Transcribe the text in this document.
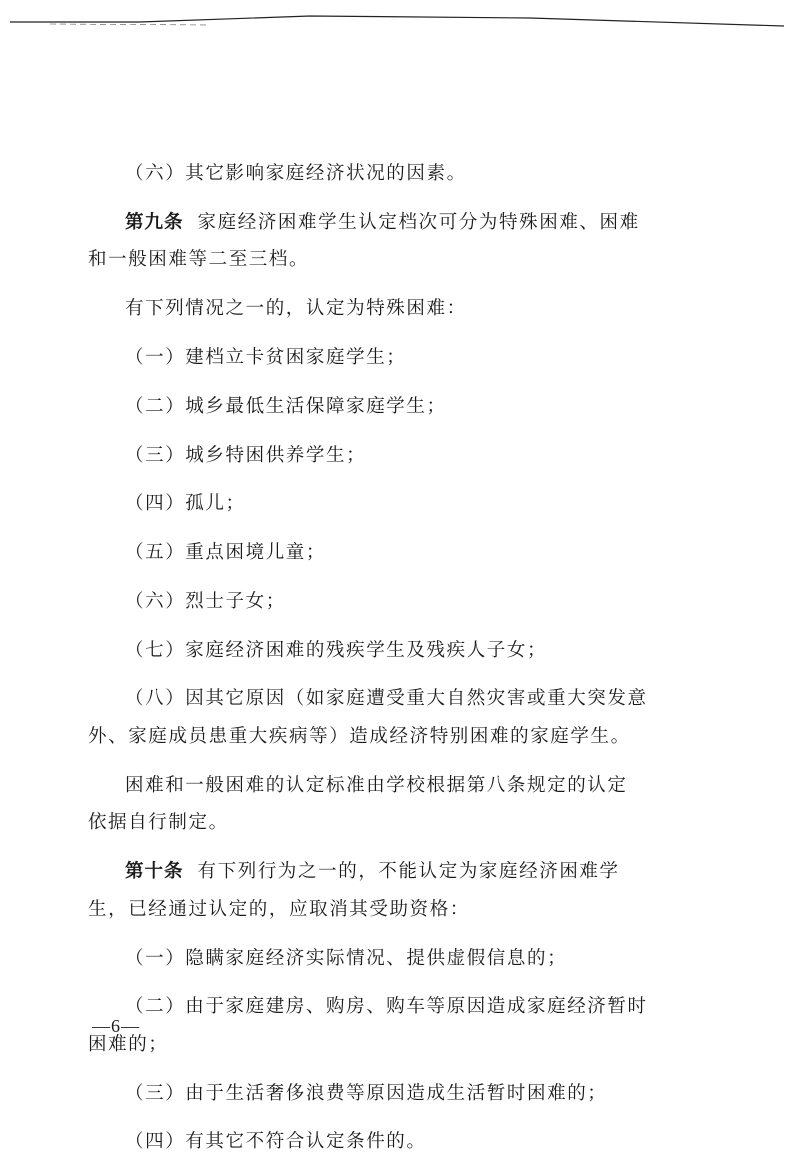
（六）其它影响家庭经济状况的因素。

第九条 家庭经济困难学生认定档次可分为特殊困难、困难
和一般困难等二至三档。

有下列情况之一的，认定为特殊困难：

（一）建档立卡贫困家庭学生；

（二）城乡最低生活保障家庭学生；

（三）城乡特困供养学生；

（四）孤儿；

（五）重点困境儿童；

（六）烈士子女；

（七）家庭经济困难的残疾学生及残疾人子女；

（八）因其它原因（如家庭遭受重大自然灾害或重大突发意
外、家庭成员患重大疾病等）造成经济特别困难的家庭学生。

困难和一般困难的认定标准由学校根据第八条规定的认定
依据自行制定。

第十条 有下列行为之一的，不能认定为家庭经济困难学
生，已经通过认定的，应取消其受助资格：

（一）隐瞒家庭经济实际情况、提供虚假信息的；

（二）由于家庭建房、购房、购车等原因造成家庭经济暂时
困难的；

（三）由于生活奢侈浪费等原因造成生活暂时困难的；

（四）有其它不符合认定条件的。

—6—
